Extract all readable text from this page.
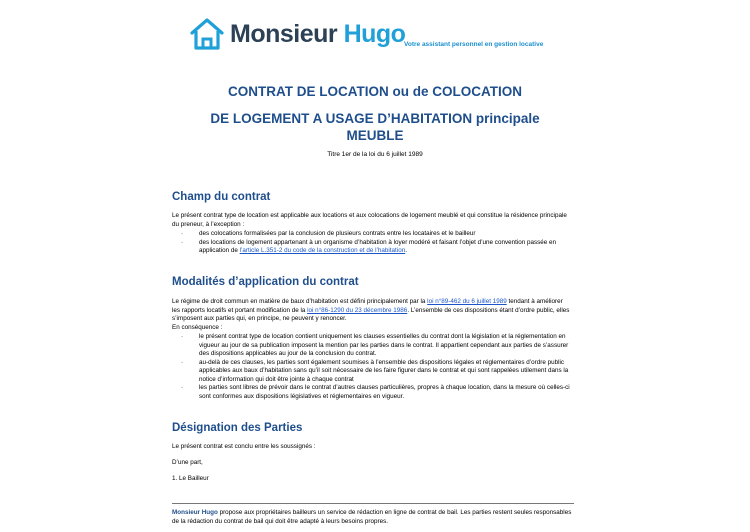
Monsieur Hugo
Votre assistant personnel en gestion locative
CONTRAT DE LOCATION ou de COLOCATION
DE LOGEMENT A USAGE D’HABITATION principale
MEUBLE
Titre 1er de la loi du 6 juillet 1989
Champ du contrat
Le présent contrat type de location est applicable aux locations et aux colocations de logement meublé et qui constitue la résidence principale du preneur, à l’exception :
·	des colocations formalisées par la conclusion de plusieurs contrats entre les locataires et le bailleur
·	des locations de logement appartenant à un organisme d’habitation à loyer modéré et faisant l’objet d’une convention passée en application de l’article L.351-2 du code de la construction et de l’habitation.
Modalités d’application du contrat
Le régime de droit commun en matière de baux d’habitation est défini principalement par la loi n°89-462 du 6 juillet 1989 tendant à améliorer les rapports locatifs et portant modification de la loi n°86-1290 du 23 décembre 1986. L’ensemble de ces dispositions étant d’ordre public, elles s’imposent aux parties qui, en principe, ne peuvent y renoncer.
En conséquence :
·	le présent contrat type de location contient uniquement les clauses essentielles du contrat dont la législation et la réglementation en vigueur au jour de sa publication imposent la mention par les parties dans le contrat. Il appartient cependant aux parties de s’assurer des dispositions applicables au jour de la conclusion du contrat.
·	au-delà de ces clauses, les parties sont également soumises à l’ensemble des dispositions légales et réglementaires d’ordre public applicables aux baux d’habitation sans qu’il soit nécessaire de les faire figurer dans le contrat et qui sont rappelées utilement dans la notice d’information qui doit être jointe à chaque contrat
·	les parties sont libres de prévoir dans le contrat d’autres clauses particulières, propres à chaque location, dans la mesure où celles-ci sont conformes aux dispositions législatives et réglementaires en vigueur.
Désignation des Parties
Le présent contrat est conclu entre les soussignés :
D’une part,
1. Le Bailleur
Monsieur Hugo propose aux propriétaires bailleurs un service de rédaction en ligne de contrat de bail. Les parties restent seules responsables de la rédaction du contrat de bail qui doit être adapté à leurs besoins propres.
